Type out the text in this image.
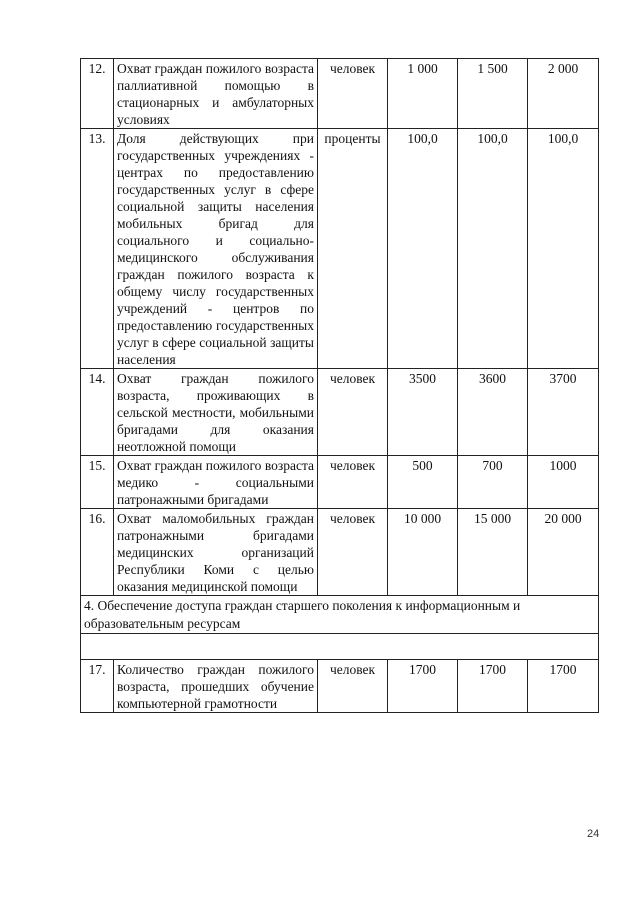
12.	Охват граждан пожилого возраста паллиативной помощью в стационарных и амбулаторных условиях	человек	1 000	1 500	2 000
13.	Доля действующих при государственных учреждениях - центрах по предоставлению государственных услуг в сфере социальной защиты населения мобильных бригад для социального и социально-медицинского обслуживания граждан пожилого возраста к общему числу государственных учреждений - центров по предоставлению государственных услуг в сфере социальной защиты населения	проценты	100,0	100,0	100,0
14.	Охват граждан пожилого возраста, проживающих в сельской местности, мобильными бригадами для оказания неотложной помощи	человек	3500	3600	3700
15.	Охват граждан пожилого возраста медико - социальными патронажными бригадами	человек	500	700	1000
16.	Охват маломобильных граждан патронажными бригадами медицинских организаций Республики Коми с целью оказания медицинской помощи	человек	10 000	15 000	20 000
4. Обеспечение доступа граждан старшего поколения к информационным и образовательным ресурсам					

17.	Количество граждан пожилого возраста, прошедших обучение компьютерной грамотности	человек	1700	1700	1700
24
